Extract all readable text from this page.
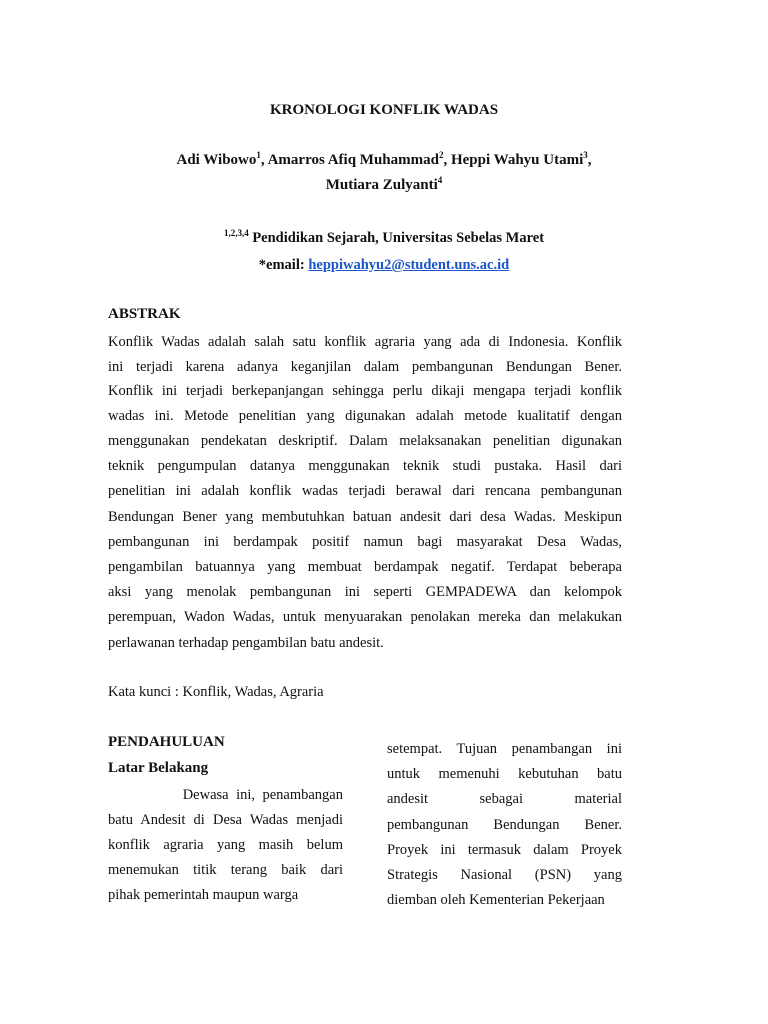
KRONOLOGI KONFLIK WADAS
Adi Wibowo$^1$, Amarros Afiq Muhammad$^2$, Heppi Wahyu Utami$^3$,
Mutiara Zulyanti$^4$
$^{1,2,3,4}$ Pendidikan Sejarah, Universitas Sebelas Maret
*email: heppiwahyu2@student.uns.ac.id
ABSTRAK
Konflik Wadas adalah salah satu konflik agraria yang ada di Indonesia. Konflik
ini terjadi karena adanya keganjilan dalam pembangunan Bendungan Bener.
Konflik ini terjadi berkepanjangan sehingga perlu dikaji mengapa terjadi konflik
wadas ini. Metode penelitian yang digunakan adalah metode kualitatif dengan
menggunakan pendekatan deskriptif. Dalam melaksanakan penelitian digunakan
teknik pengumpulan datanya menggunakan teknik studi pustaka. Hasil dari
penelitian ini adalah konflik wadas terjadi berawal dari rencana pembangunan
Bendungan Bener yang membutuhkan batuan andesit dari desa Wadas. Meskipun
pembangunan ini berdampak positif namun bagi masyarakat Desa Wadas,
pengambilan batuannya yang membuat berdampak negatif. Terdapat beberapa
aksi yang menolak pembangunan ini seperti GEMPADEWA dan kelompok
perempuan, Wadon Wadas, untuk menyuarakan penolakan mereka dan melakukan
perlawanan terhadap pengambilan batu andesit.
Kata kunci : Konflik, Wadas, Agraria
PENDAHULUAN
Latar Belakang
Dewasa ini, penambangan
batu Andesit di Desa Wadas menjadi
konflik agraria yang masih belum
menemukan titik terang baik dari
pihak pemerintah maupun warga
setempat. Tujuan penambangan ini
untuk memenuhi kebutuhan batu
andesit sebagai material
pembangunan Bendungan Bener.
Proyek ini termasuk dalam Proyek
Strategis Nasional (PSN) yang
diemban oleh Kementerian Pekerjaan
